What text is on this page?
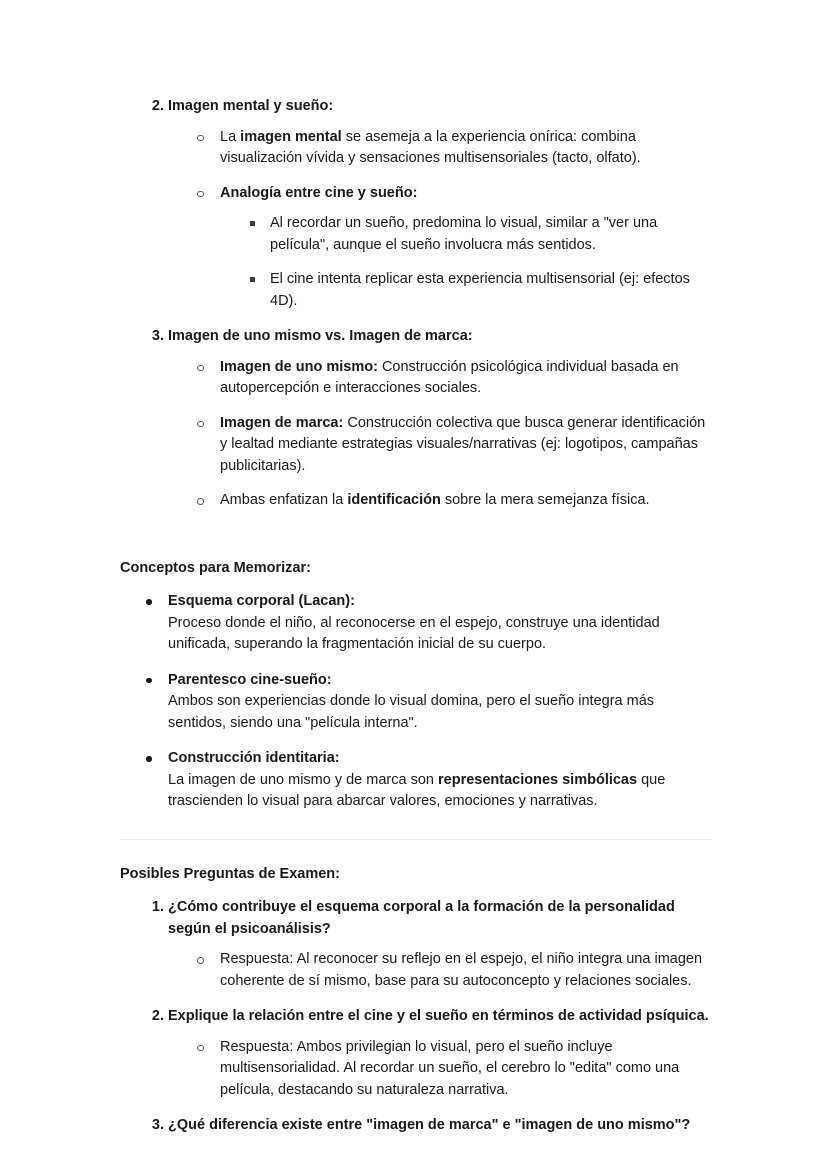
2. Imagen mental y sueño:
La imagen mental se asemeja a la experiencia onírica: combina visualización vívida y sensaciones multisensoriales (tacto, olfato).
Analogía entre cine y sueño:
Al recordar un sueño, predomina lo visual, similar a "ver una película", aunque el sueño involucra más sentidos.
El cine intenta replicar esta experiencia multisensorial (ej: efectos 4D).
3. Imagen de uno mismo vs. Imagen de marca:
Imagen de uno mismo: Construcción psicológica individual basada en autopercepción e interacciones sociales.
Imagen de marca: Construcción colectiva que busca generar identificación y lealtad mediante estrategias visuales/narrativas (ej: logotipos, campañas publicitarias).
Ambas enfatizan la identificación sobre la mera semejanza física.
Conceptos para Memorizar:
Esquema corporal (Lacan):
Proceso donde el niño, al reconocerse en el espejo, construye una identidad unificada, superando la fragmentación inicial de su cuerpo.
Parentesco cine-sueño:
Ambos son experiencias donde lo visual domina, pero el sueño integra más sentidos, siendo una "película interna".
Construcción identitaria:
La imagen de uno mismo y de marca son representaciones simbólicas que trascienden lo visual para abarcar valores, emociones y narrativas.
Posibles Preguntas de Examen:
1. ¿Cómo contribuye el esquema corporal a la formación de la personalidad según el psicoanálisis?
Respuesta: Al reconocer su reflejo en el espejo, el niño integra una imagen coherente de sí mismo, base para su autoconcepto y relaciones sociales.
2. Explique la relación entre el cine y el sueño en términos de actividad psíquica.
Respuesta: Ambos privilegian lo visual, pero el sueño incluye multisensorialidad. Al recordar un sueño, el cerebro lo "edita" como una película, destacando su naturaleza narrativa.
3. ¿Qué diferencia existe entre "imagen de marca" e "imagen de uno mismo"?
